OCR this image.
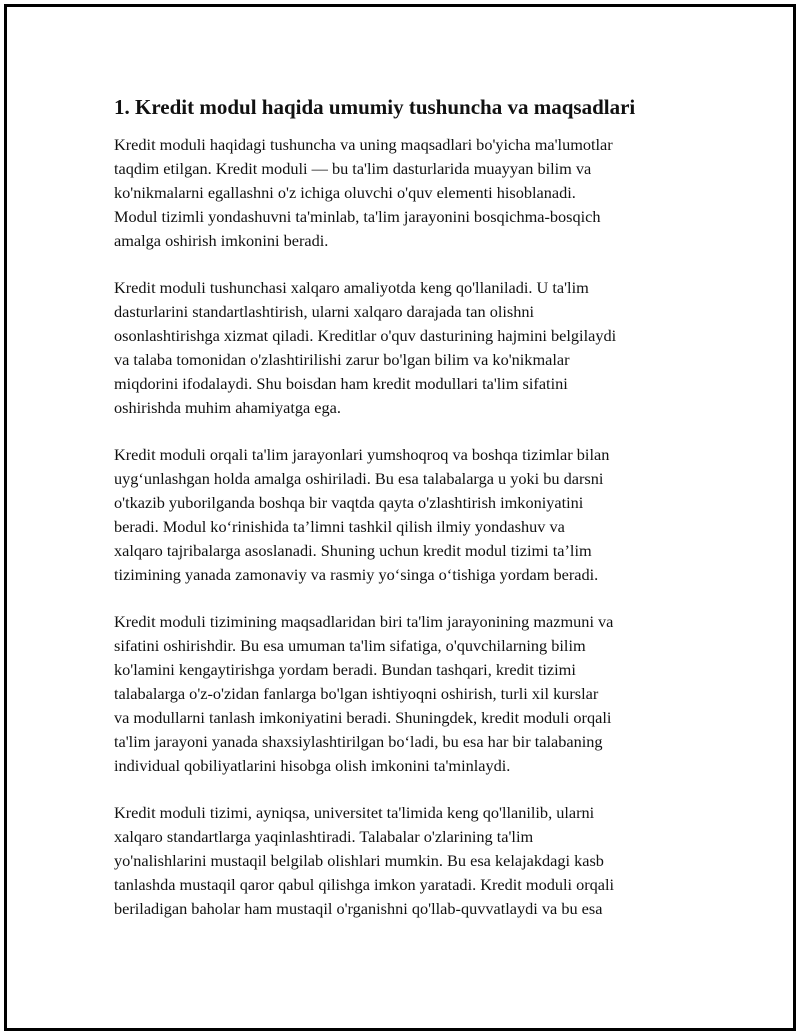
1. Kredit modul haqida umumiy tushuncha va maqsadlari
Kredit moduli haqidagi tushuncha va uning maqsadlari bo'yicha ma'lumotlar
taqdim etilgan. Kredit moduli — bu ta'lim dasturlarida muayyan bilim va
ko'nikmalarni egallashni o'z ichiga oluvchi o'quv elementi hisoblanadi.
Modul tizimli yondashuvni ta'minlab, ta'lim jarayonini bosqichma-bosqich
amalga oshirish imkonini beradi.
Kredit moduli tushunchasi xalqaro amaliyotda keng qo'llaniladi. U ta'lim
dasturlarini standartlashtirish, ularni xalqaro darajada tan olishni
osonlashtirishga xizmat qiladi. Kreditlar o'quv dasturining hajmini belgilaydi
va talaba tomonidan o'zlashtirilishi zarur bo'lgan bilim va ko'nikmalar
miqdorini ifodalaydi. Shu boisdan ham kredit modullari ta'lim sifatini
oshirishda muhim ahamiyatga ega.
Kredit moduli orqali ta'lim jarayonlari yumshoqroq va boshqa tizimlar bilan
uyg‘unlashgan holda amalga oshiriladi. Bu esa talabalarga u yoki bu darsni
o'tkazib yuborilganda boshqa bir vaqtda qayta o'zlashtirish imkoniyatini
beradi. Modul ko‘rinishida ta’limni tashkil qilish ilmiy yondashuv va
xalqaro tajribalarga asoslanadi. Shuning uchun kredit modul tizimi ta’lim
tizimining yanada zamonaviy va rasmiy yo‘singa o‘tishiga yordam beradi.
Kredit moduli tizimining maqsadlaridan biri ta'lim jarayonining mazmuni va
sifatini oshirishdir. Bu esa umuman ta'lim sifatiga, o'quvchilarning bilim
ko'lamini kengaytirishga yordam beradi. Bundan tashqari, kredit tizimi
talabalarga o'z-o'zidan fanlarga bo'lgan ishtiyoqni oshirish, turli xil kurslar
va modullarni tanlash imkoniyatini beradi. Shuningdek, kredit moduli orqali
ta'lim jarayoni yanada shaxsiylashtirilgan bo‘ladi, bu esa har bir talabaning
individual qobiliyatlarini hisobga olish imkonini ta'minlaydi.
Kredit moduli tizimi, ayniqsa, universitet ta'limida keng qo'llanilib, ularni
xalqaro standartlarga yaqinlashtiradi. Talabalar o'zlarining ta'lim
yo'nalishlarini mustaqil belgilab olishlari mumkin. Bu esa kelajakdagi kasb
tanlashda mustaqil qaror qabul qilishga imkon yaratadi. Kredit moduli orqali
beriladigan baholar ham mustaqil o'rganishni qo'llab-quvvatlaydi va bu esa
